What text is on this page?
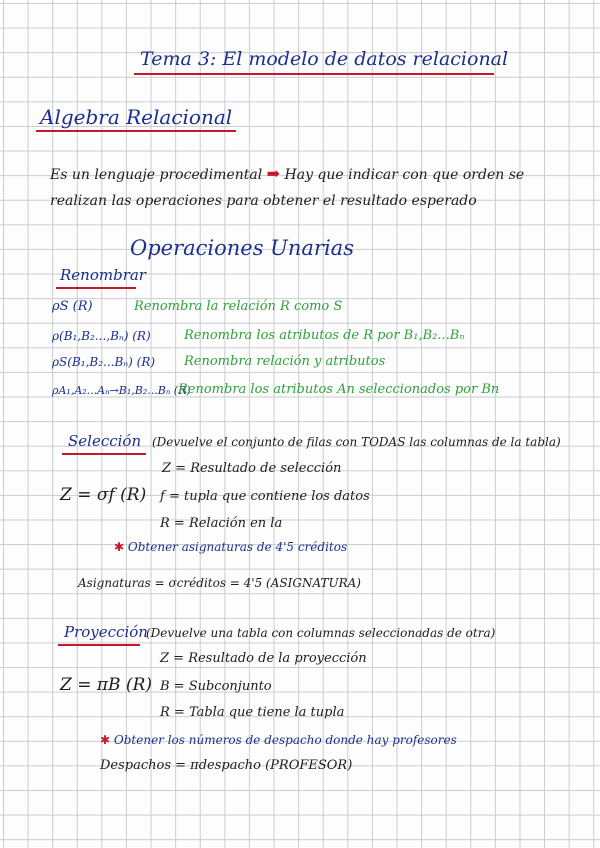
Tema 3: El modelo de datos relacional
Algebra Relacional
Es un lenguaje procedimental ➡ Hay que indicar con que orden se
realizan las operaciones para obtener el resultado esperado
Operaciones Unarias
Renombrar
ρS (R)	Renombra la relación R como S
ρ(B₁,B₂...,Bₙ) (R)	Renombra los atributos de R por B₁,B₂...Bₙ
ρS(B₁,B₂...Bₙ) (R) Renombra relación y atributos
ρA₁,A₂...Aₙ→B₁,B₂...Bₙ (R)
Renombra los atributos An seleccionados por Bn
Selección (Devuelve el conjunto de filas con TODAS las columnas de la tabla)
Z = Resultado de selección
Z = σf (R) f = tupla que contiene los datos
R = Relación en la
✱ Obtener asignaturas de 4'5 créditos
Asignaturas = σcréditos = 4'5 (ASIGNATURA)
Proyección
(Devuelve una tabla con columnas seleccionadas de otra)
Z = Resultado de la proyección
Z = πB (R) B = Subconjunto
R = Tabla que tiene la tupla
✱ Obtener los números de despacho donde hay profesores
Despachos = πdespacho (PROFESOR)
